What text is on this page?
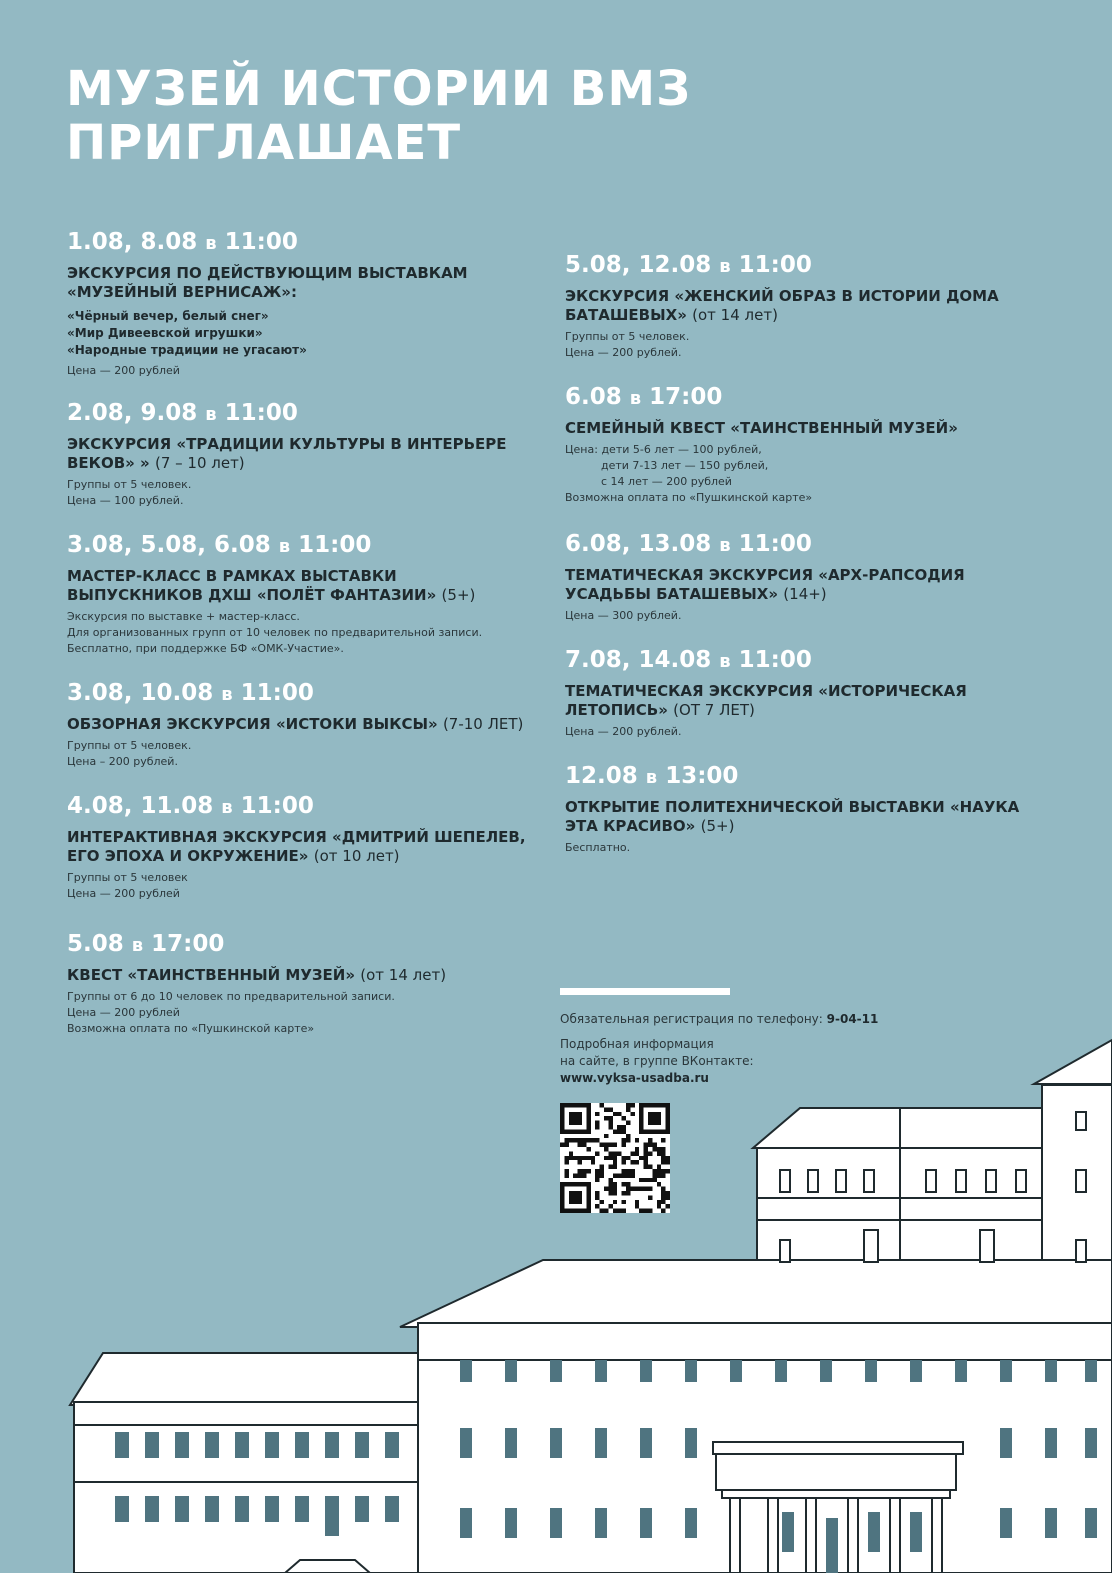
МУЗЕЙ ИСТОРИИ ВМЗ
ПРИГЛАШАЕТ
1.08, 8.08 в 11:00
ЭКСКУРСИЯ ПО ДЕЙСТВУЮЩИМ ВЫСТАВКАМ «МУЗЕЙНЫЙ ВЕРНИСАЖ»:
«Чёрный вечер, белый снег»
«Мир Дивеевской игрушки»
«Народные традиции не угасают»
Цена — 200 рублей
2.08, 9.08 в 11:00
ЭКСКУРСИЯ «ТРАДИЦИИ КУЛЬТУРЫ В ИНТЕРЬЕРЕ ВЕКОВ» » (7 – 10 лет)
Группы от 5 человек.
Цена — 100 рублей.
3.08, 5.08, 6.08 в 11:00
МАСТЕР-КЛАСС В РАМКАХ ВЫСТАВКИ ВЫПУСКНИКОВ ДХШ «ПОЛЁТ ФАНТАЗИИ» (5+)
Экскурсия по выставке + мастер-класс.
Для организованных групп от 10 человек по предварительной записи.
Бесплатно, при поддержке БФ «ОМК-Участие».
3.08, 10.08 в 11:00
ОБЗОРНАЯ ЭКСКУРСИЯ «ИСТОКИ ВЫКСЫ» (7-10 ЛЕТ)
Группы от 5 человек.
Цена – 200 рублей.
4.08, 11.08 в 11:00
ИНТЕРАКТИВНАЯ ЭКСКУРСИЯ «ДМИТРИЙ ШЕПЕЛЕВ, ЕГО ЭПОХА И ОКРУЖЕНИЕ» (от 10 лет)
Группы от 5 человек
Цена — 200 рублей
5.08 в 17:00
КВЕСТ «ТАИНСТВЕННЫЙ МУЗЕЙ» (от 14 лет)
Группы от 6 до 10 человек по предварительной записи.
Цена — 200 рублей
Возможна оплата по «Пушкинской карте»
5.08, 12.08 в 11:00
ЭКСКУРСИЯ «ЖЕНСКИЙ ОБРАЗ В ИСТОРИИ ДОМА БАТАШЕВЫХ» (от 14 лет)
Группы от 5 человек.
Цена — 200 рублей.
6.08 в 17:00
СЕМЕЙНЫЙ КВЕСТ «ТАИНСТВЕННЫЙ МУЗЕЙ»
Цена: дети 5-6 лет — 100 рублей,
дети 7-13 лет — 150 рублей,
с 14 лет — 200 рублей
Возможна оплата по «Пушкинской карте»
6.08, 13.08 в 11:00
ТЕМАТИЧЕСКАЯ ЭКСКУРСИЯ «АРХ-РАПСОДИЯ УСАДЬБЫ БАТАШЕВЫХ» (14+)
Цена — 300 рублей.
7.08, 14.08 в 11:00
ТЕМАТИЧЕСКАЯ ЭКСКУРСИЯ «ИСТОРИЧЕСКАЯ ЛЕТОПИСЬ» (ОТ 7 ЛЕТ)
Цена — 200 рублей.
12.08 в 13:00
ОТКРЫТИЕ ПОЛИТЕХНИЧЕСКОЙ ВЫСТАВКИ «НАУКА ЭТА КРАСИВО» (5+)
Бесплатно.
Обязательная регистрация по телефону: 9-04-11
Подробная информация
на сайте, в группе ВКонтакте:
www.vyksa-usadba.ru
